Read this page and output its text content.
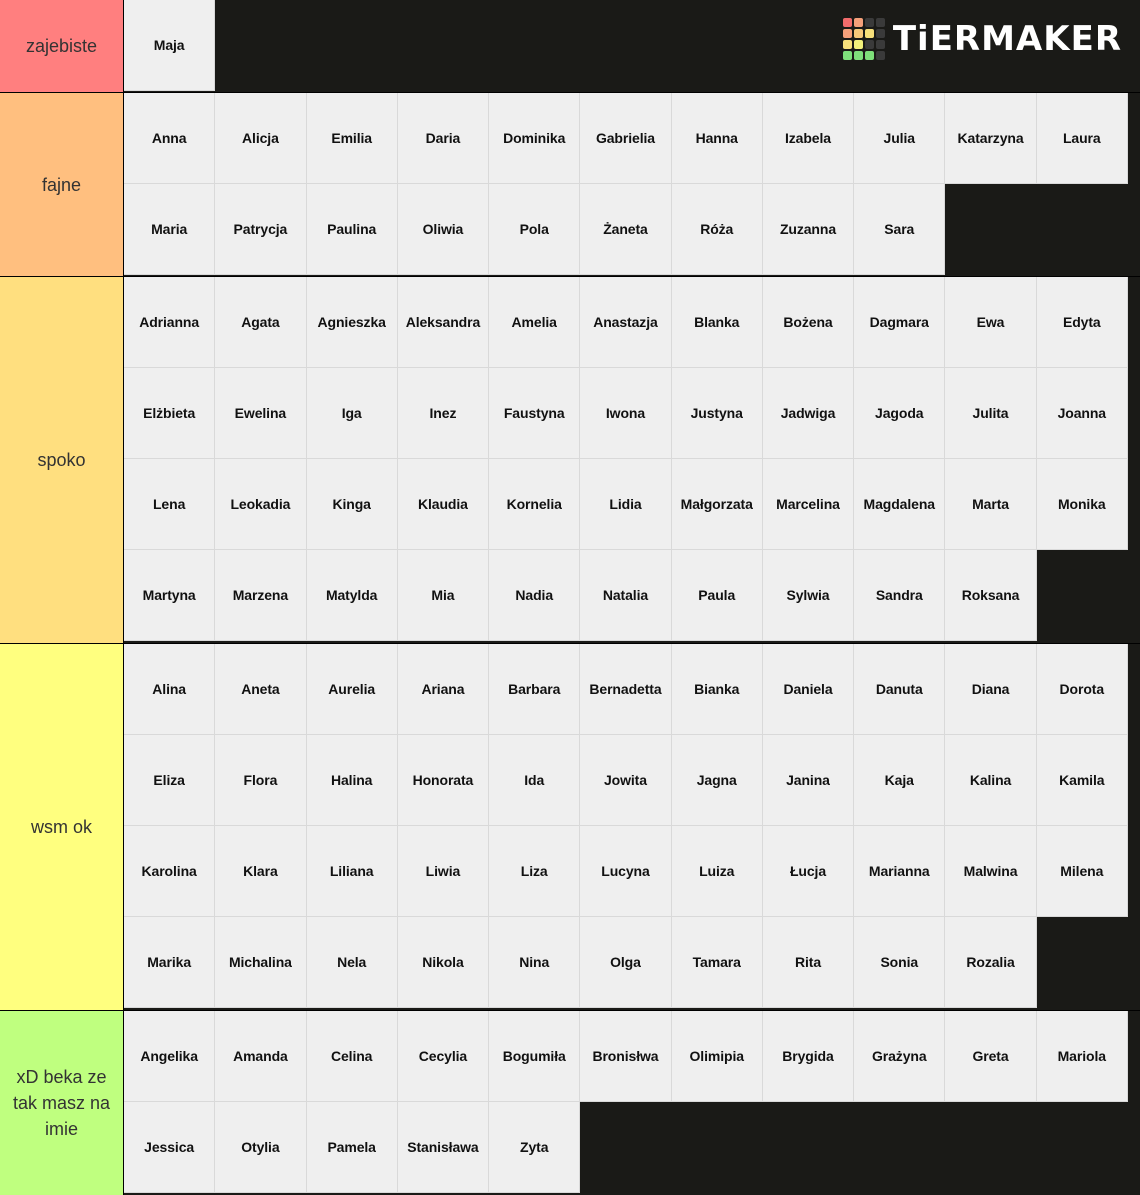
zajebiste	Maja
fajne
Anna	Alicja	Emilia	Daria	Dominika	Gabrielia	Hanna	Izabela	Julia	Katarzyna	Laura
Maria	Patrycja	Paulina	Oliwia	Pola	Żaneta	Róża	Zuzanna	Sara
spoko
Adrianna	Agata	Agnieszka	Aleksandra	Amelia	Anastazja	Blanka	Bożena	Dagmara	Ewa	Edyta
Elżbieta	Ewelina	Iga	Inez	Faustyna	Iwona	Justyna	Jadwiga	Jagoda	Julita	Joanna
Lena	Leokadia	Kinga	Klaudia	Kornelia	Lidia	Małgorzata	Marcelina	Magdalena	Marta	Monika
Martyna	Marzena	Matylda	Mia	Nadia	Natalia	Paula	Sylwia	Sandra	Roksana
wsm ok
Alina	Aneta	Aurelia	Ariana	Barbara	Bernadetta	Bianka	Daniela	Danuta	Diana	Dorota
Eliza	Flora	Halina	Honorata	Ida	Jowita	Jagna	Janina	Kaja	Kalina	Kamila
Karolina	Klara	Liliana	Liwia	Liza	Lucyna	Luiza	Łucja	Marianna	Malwina	Milena
Marika	Michalina	Nela	Nikola	Nina	Olga	Tamara	Rita	Sonia	Rozalia
xD beka ze tak masz na imie
Angelika	Amanda	Celina	Cecylia	Bogumiła	Bronisłwa	Olimipia	Brygida	Grażyna	Greta	Mariola
Jessica	Otylia	Pamela	Stanisława	Zyta
TiERMAKER
